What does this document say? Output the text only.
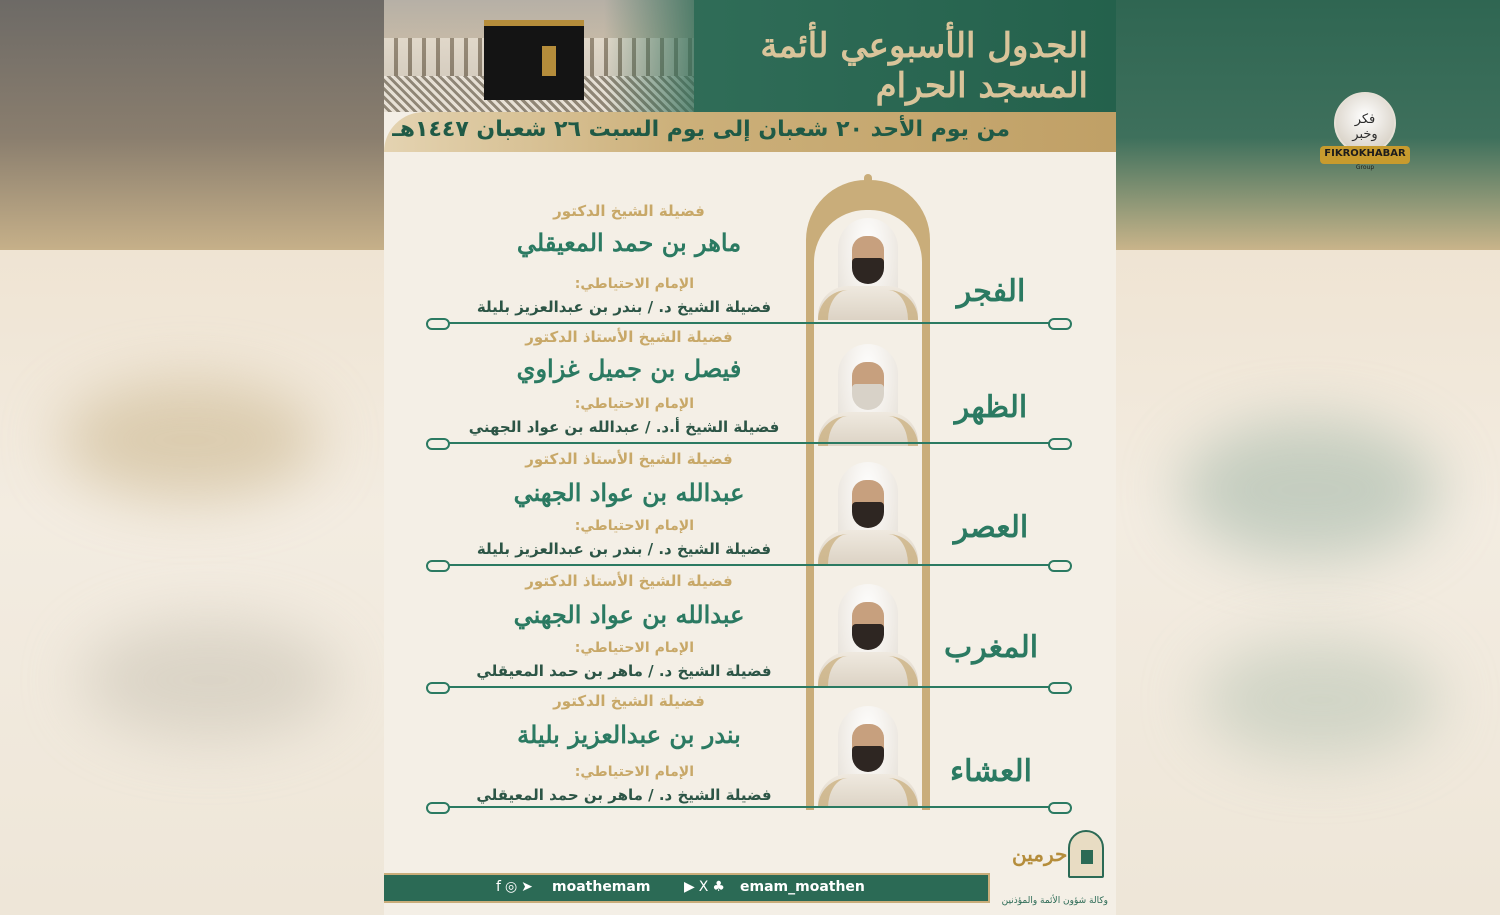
الجدول الأسبوعي لأئمة المسجد الحرام
من يوم الأحد ٢٠ شعبان إلى يوم السبت ٢٦ شعبان ١٤٤٧هـ
فضيلة الشيخ الدكتور
ماهر بن حمد المعيقلي
الإمام الاحتياطي:
فضيلة الشيخ د. / بندر بن عبدالعزيز بليلة	الفجر
فضيلة الشيخ الأستاذ الدكتور
فيصل بن جميل غزاوي
الإمام الاحتياطي:
فضيلة الشيخ أ.د. / عبدالله بن عواد الجهني
الظهر
فضيلة الشيخ الأستاذ الدكتور
عبدالله بن عواد الجهني
الإمام الاحتياطي:
فضيلة الشيخ د. / بندر بن عبدالعزيز بليلة
العصر
فضيلة الشيخ الأستاذ الدكتور
عبدالله بن عواد الجهني
الإمام الاحتياطي:
فضيلة الشيخ د. / ماهر بن حمد المعيقلي
المغرب
فضيلة الشيخ الدكتور
بندر بن عبدالعزيز بليلة
الإمام الاحتياطي:
فضيلة الشيخ د. / ماهر بن حمد المعيقلي
العشاء
f◎➤ moathemam ▶X♣ emam_moathen
حرمين
وكالة شؤون الأئمة والمؤذنين
فكر وخبر
FIKROKHABAR
Group
